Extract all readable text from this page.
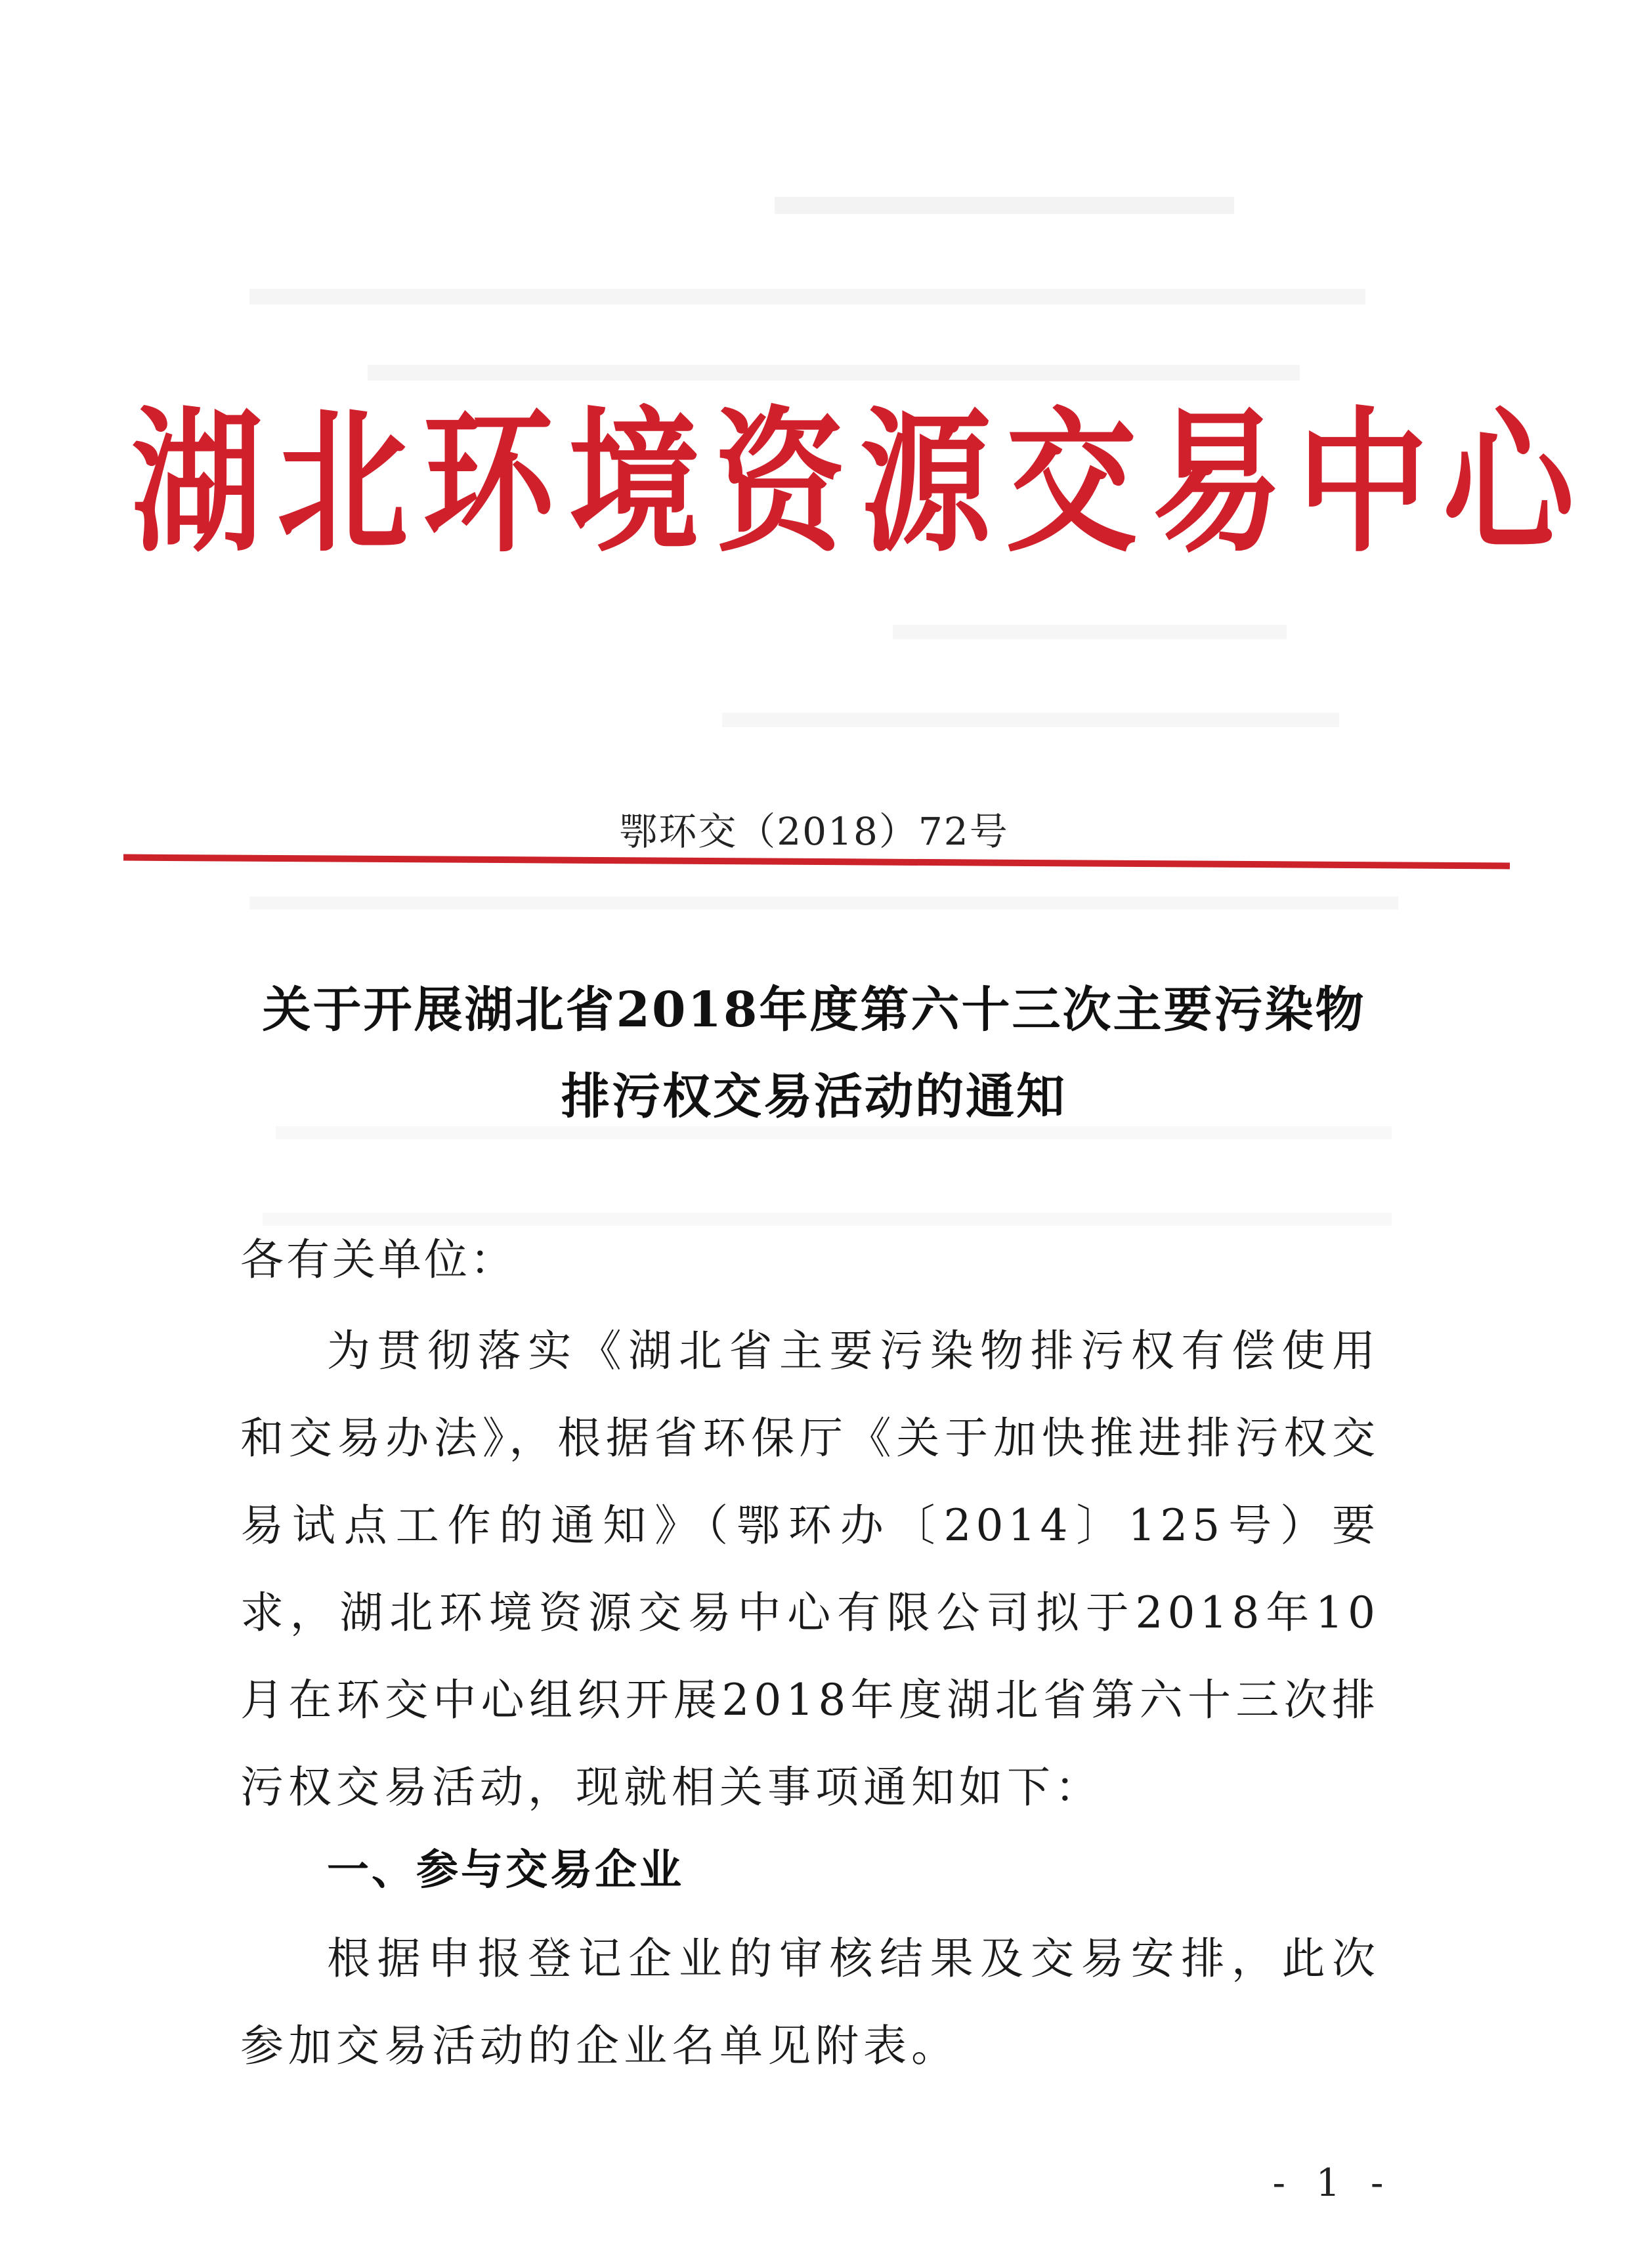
湖北环境资源交易中心
鄂环交（2018）72号
关于开展湖北省2018年度第六十三次主要污染物
排污权交易活动的通知
各有关单位：
为贯彻落实《湖北省主要污染物排污权有偿使用和交易办法》，根据省环保厅《关于加快推进排污权交易试点工作的通知》（鄂环办〔2014〕125号）要求，湖北环境资源交易中心有限公司拟于2018年10月在环交中心组织开展2018年度湖北省第六十三次排污权交易活动，现就相关事项通知如下：
一、参与交易企业
根据申报登记企业的审核结果及交易安排，此次参加交易活动的企业名单见附表。
- 1 -
